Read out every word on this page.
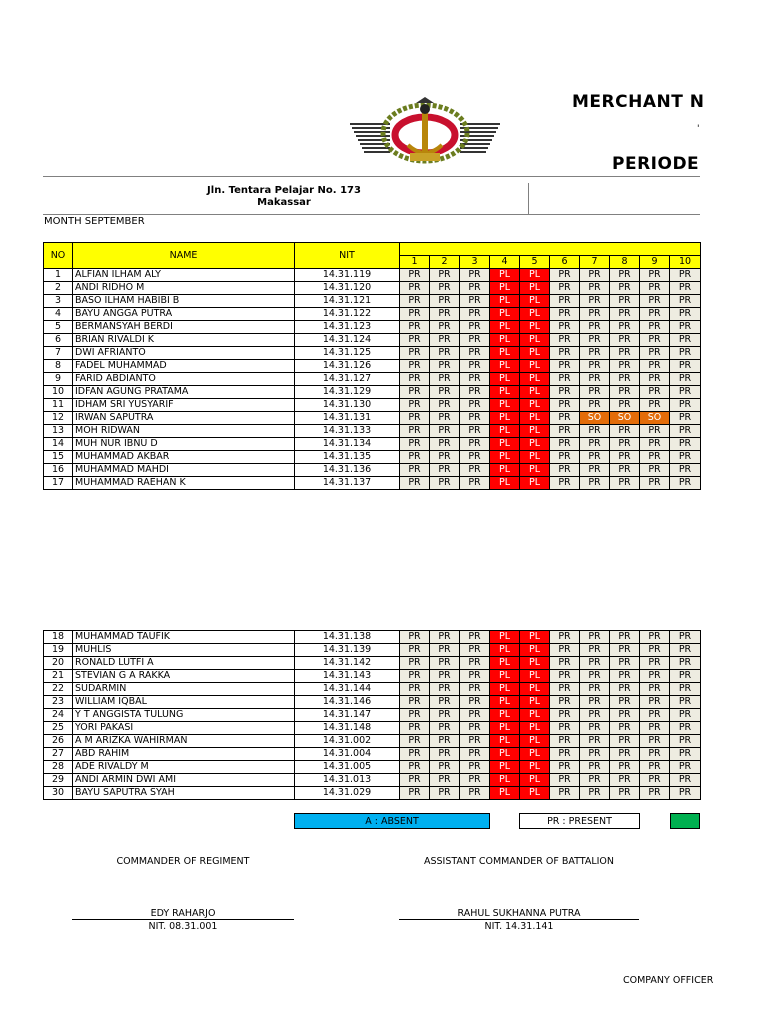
MERCHANT N
'
PERIODE
Jln. Tentara Pelajar No. 173
Makassar
MONTH SEPTEMBER
NO	NAME	NIT										
			1	2	3	4	5	6	7	8	9	10
1	ALFIAN ILHAM ALY	14.31.119	PR	PR	PR	PL	PL	PR	PR	PR	PR	PR
2	ANDI RIDHO M	14.31.120	PR	PR	PR	PL	PL	PR	PR	PR	PR	PR
3	BASO ILHAM HABIBI B	14.31.121	PR	PR	PR	PL	PL	PR	PR	PR	PR	PR
4	BAYU ANGGA PUTRA	14.31.122	PR	PR	PR	PL	PL	PR	PR	PR	PR	PR
5	BERMANSYAH BERDI	14.31.123	PR	PR	PR	PL	PL	PR	PR	PR	PR	PR
6	BRIAN RIVALDI K	14.31.124	PR	PR	PR	PL	PL	PR	PR	PR	PR	PR
7	DWI AFRIANTO	14.31.125	PR	PR	PR	PL	PL	PR	PR	PR	PR	PR
8	FADEL MUHAMMAD	14.31.126	PR	PR	PR	PL	PL	PR	PR	PR	PR	PR
9	FARID ABDIANTO	14.31.127	PR	PR	PR	PL	PL	PR	PR	PR	PR	PR
10	IDFAN AGUNG PRATAMA	14.31.129	PR	PR	PR	PL	PL	PR	PR	PR	PR	PR
11	IDHAM SRI YUSYARIF	14.31.130	PR	PR	PR	PL	PL	PR	PR	PR	PR	PR
12	IRWAN SAPUTRA	14.31.131	PR	PR	PR	PL	PL	PR	SO	SO	SO	PR
13	MOH RIDWAN	14.31.133	PR	PR	PR	PL	PL	PR	PR	PR	PR	PR
14	MUH NUR IBNU D	14.31.134	PR	PR	PR	PL	PL	PR	PR	PR	PR	PR
15	MUHAMMAD AKBAR	14.31.135	PR	PR	PR	PL	PL	PR	PR	PR	PR	PR
16	MUHAMMAD MAHDI	14.31.136	PR	PR	PR	PL	PL	PR	PR	PR	PR	PR
17	MUHAMMAD RAEHAN K	14.31.137	PR	PR	PR	PL	PL	PR	PR	PR	PR	PR
18	MUHAMMAD TAUFIK	14.31.138	PR	PR	PR	PL	PL	PR	PR	PR	PR	PR
19	MUHLIS	14.31.139	PR	PR	PR	PL	PL	PR	PR	PR	PR	PR
20	RONALD LUTFI A	14.31.142	PR	PR	PR	PL	PL	PR	PR	PR	PR	PR
21	STEVIAN G A RAKKA	14.31.143	PR	PR	PR	PL	PL	PR	PR	PR	PR	PR
22	SUDARMIN	14.31.144	PR	PR	PR	PL	PL	PR	PR	PR	PR	PR
23	WILLIAM IQBAL	14.31.146	PR	PR	PR	PL	PL	PR	PR	PR	PR	PR
24	Y T ANGGISTA TULUNG	14.31.147	PR	PR	PR	PL	PL	PR	PR	PR	PR	PR
25	YORI PAKASI	14.31.148	PR	PR	PR	PL	PL	PR	PR	PR	PR	PR
26	A M ARIZKA WAHIRMAN	14.31.002	PR	PR	PR	PL	PL	PR	PR	PR	PR	PR
27	ABD RAHIM	14.31.004	PR	PR	PR	PL	PL	PR	PR	PR	PR	PR
28	ADE RIVALDY M	14.31.005	PR	PR	PR	PL	PL	PR	PR	PR	PR	PR
29	ANDI ARMIN DWI AMI	14.31.013	PR	PR	PR	PL	PL	PR	PR	PR	PR	PR
30	BAYU SAPUTRA SYAH	14.31.029	PR	PR	PR	PL	PL	PR	PR	PR	PR	PR
A : ABSENT	PR : PRESENT
COMMANDER OF REGIMENT	ASSISTANT COMMANDER OF BATTALION
EDY RAHARJO	RAHUL SUKHANNA PUTRA
NIT. 08.31.001	NIT. 14.31.141
COMPANY OFFICER
